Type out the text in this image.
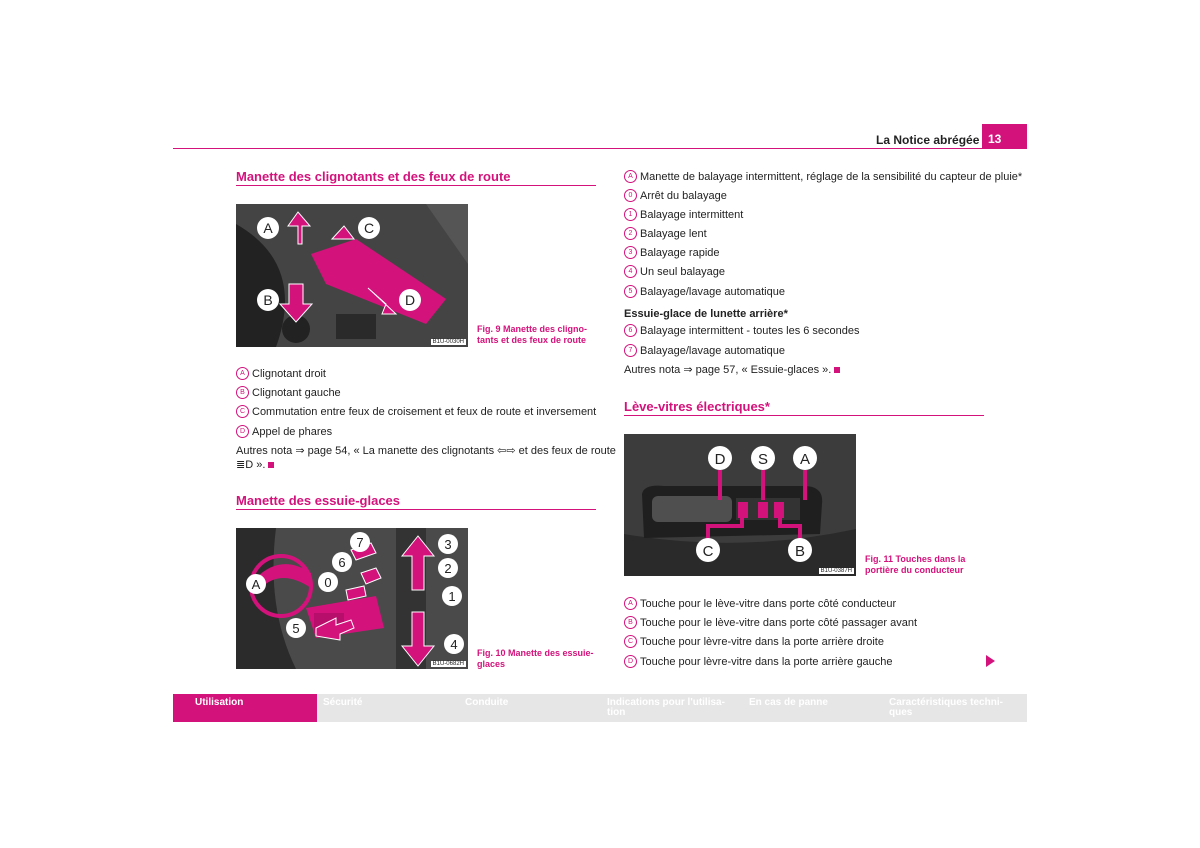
La Notice abrégée 13
Manette des clignotants et des feux de route
A
B
C
D
B1U-0030H
Fig. 9 Manette des cligno-
tants et des feux de route
A Clignotant droit
B Clignotant gauche
C Commutation entre feux de croisement et feux de route et inversement
D Appel de phares
Autres nota ⇒ page 54, « La manette des clignotants ⇦⇨ et des feux de route
≣D ».
Manette des essuie-glaces
A	0
1
2
3
4
5
6
7
B1U-0682H
Fig. 10 Manette des essuie-
glaces
A Manette de balayage intermittent, réglage de la sensibilité du capteur de pluie*
0 Arrêt du balayage
1 Balayage intermittent
2 Balayage lent
3 Balayage rapide
4 Un seul balayage
5 Balayage/lavage automatique
Essuie-glace de lunette arrière*
6 Balayage intermittent - toutes les 6 secondes
7 Balayage/lavage automatique
Autres nota ⇒ page 57, « Essuie-glaces ».
Lève-vitres électriques*
D S A
C	B
B1U-0387H
Fig. 11 Touches dans la
portière du conducteur
A Touche pour le lève-vitre dans porte côté conducteur
B Touche pour le lève-vitre dans porte côté passager avant
C Touche pour lèvre-vitre dans la porte arrière droite
D Touche pour lèvre-vitre dans la porte arrière gauche
Utilisation	Sécurité	Conduite	Indications pour l'utilisa-
tion
En cas de panne	Caractéristiques techni-
ques
